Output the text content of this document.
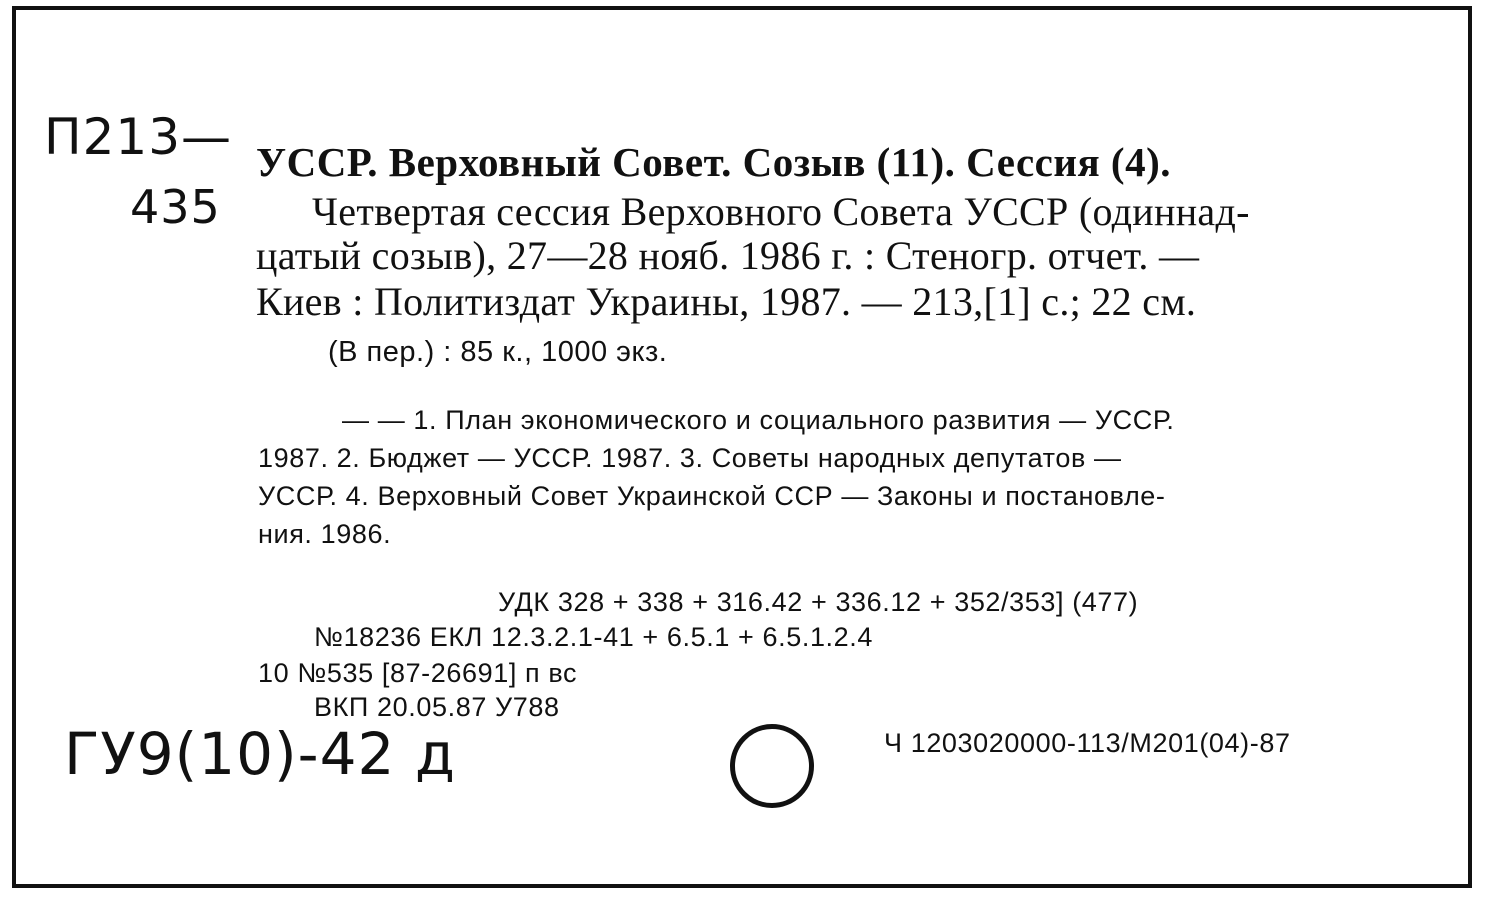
П213—
435
УССР. Верховный Совет. Созыв (11). Сессия (4).
Четвертая сессия Верховного Совета УССР (одиннад-
цатый созыв), 27—28 нояб. 1986 г. : Стеногр. отчет. —
Киев : Политиздат Украины, 1987. — 213,[1] с.; 22 см.
(В пер.) : 85 к., 1000 экз.
— — 1. План экономического и социального развития — УССР.
1987. 2. Бюджет — УССР. 1987. 3. Советы народных депутатов —
УССР. 4. Верховный Совет Украинской ССР — Законы и постановле-
ния. 1986.
УДК 328 + 338 + 316.42 + 336.12 + 352/353] (477)
№18236 ЕКЛ 12.3.2.1-41 + 6.5.1 + 6.5.1.2.4
10 №535 [87-26691] п вс
ВКП 20.05.87 У788
ГУ9(10)-42 д	Ч 1203020000-113/М201(04)-87
